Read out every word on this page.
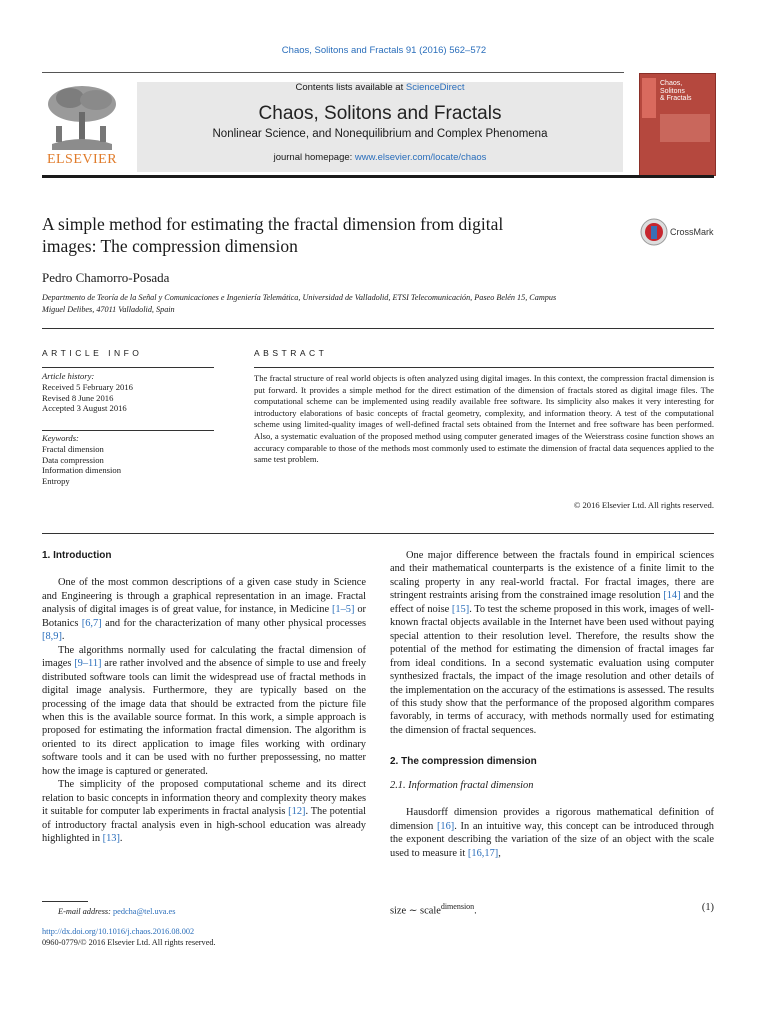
Chaos, Solitons and Fractals 91 (2016) 562–572
ELSEVIER
Contents lists available at ScienceDirect
Chaos, Solitons and Fractals
Nonlinear Science, and Nonequilibrium and Complex Phenomena
journal homepage: www.elsevier.com/locate/chaos
Chaos,
Solitons
& Fractals
A simple method for estimating the fractal dimension from digital
images: The compression dimension
CrossMark
Pedro Chamorro-Posada
Departmento de Teoría de la Señal y Comunicaciones e Ingeniería Telemática, Universidad de Valladolid, ETSI Telecomunicación, Paseo Belén 15, Campus
Miguel Delibes, 47011 Valladolid, Spain
ARTICLE INFO	ABSTRACT
Article history:
Received 5 February 2016
Revised 8 June 2016
Accepted 3 August 2016
Keywords:
Fractal dimension
Data compression
Information dimension
Entropy
The fractal structure of real world objects is often analyzed using digital images. In this context, the compression fractal dimension is put forward. It provides a simple method for the direct estimation of the dimension of fractals stored as digital image files. The computational scheme can be implemented using readily available free software. Its simplicity also makes it very interesting for introductory elaborations of basic concepts of fractal geometry, complexity, and information theory. A test of the computational scheme using limited-quality images of well-defined fractal sets obtained from the Internet and free software has been performed. Also, a systematic evaluation of the proposed method using computer generated images of the Weierstrass cosine function shows an accuracy comparable to those of the methods most commonly used to estimate the dimension of fractal data sequences applied to the same test problem.
© 2016 Elsevier Ltd. All rights reserved.
1. Introduction

One of the most common descriptions of a given case study in Science and Engineering is through a graphical representation in an image. Fractal analysis of digital images is of great value, for instance, in Medicine [1–5] or Botanics [6,7] and for the characterization of many other physical processes [8,9].

The algorithms normally used for calculating the fractal dimension of images [9–11] are rather involved and the absence of simple to use and freely distributed software tools can limit the widespread use of fractal methods in digital image analysis. Furthermore, they are typically based on the processing of the image data that should be extracted from the picture file when this is the available source format. In this work, a simple approach is proposed for estimating the information fractal dimension. The algorithm is oriented to its direct application to image files working with ordinary software tools and it can be used with no further prepossessing, no matter how the image is captured or generated.

The simplicity of the proposed computational scheme and its direct relation to basic concepts in information theory and complexity theory makes it suitable for computer lab experiments in fractal analysis [12]. The potential of introductory fractal analysis even in high-school education was already highlighted in [13].

One major difference between the fractals found in empirical sciences and their mathematical counterparts is the existence of a finite limit to the scaling property in any real-world fractal. For fractal images, there are stringent restraints arising from the constrained image resolution [14] and the effect of noise [15]. To test the scheme proposed in this work, images of well-known fractal objects available in the Internet have been used without paying special attention to their resolution level. Therefore, the results show the potential of the method for estimating the dimension of fractal images far from ideal conditions. In a second systematic evaluation using computer synthesized fractals, the impact of the image resolution and other details of the implementation on the accuracy of the estimations is assessed. The results of this study show that the performance of the proposed algorithm compares favorably, in terms of accuracy, with methods normally used for estimating the dimension of fractal sequences.

2. The compression dimension
2.1. Information fractal dimension

Hausdorff dimension provides a rigorous mathematical definition of dimension [16]. In an intuitive way, this concept can be introduced through the exponent describing the variation of the size of an object with the scale used to measure it [16,17],

size ∼ scale$^{dimension}$.	(1)
E-mail address: pedcha@tel.uva.es
http://dx.doi.org/10.1016/j.chaos.2016.08.002
0960-0779/© 2016 Elsevier Ltd. All rights reserved.
